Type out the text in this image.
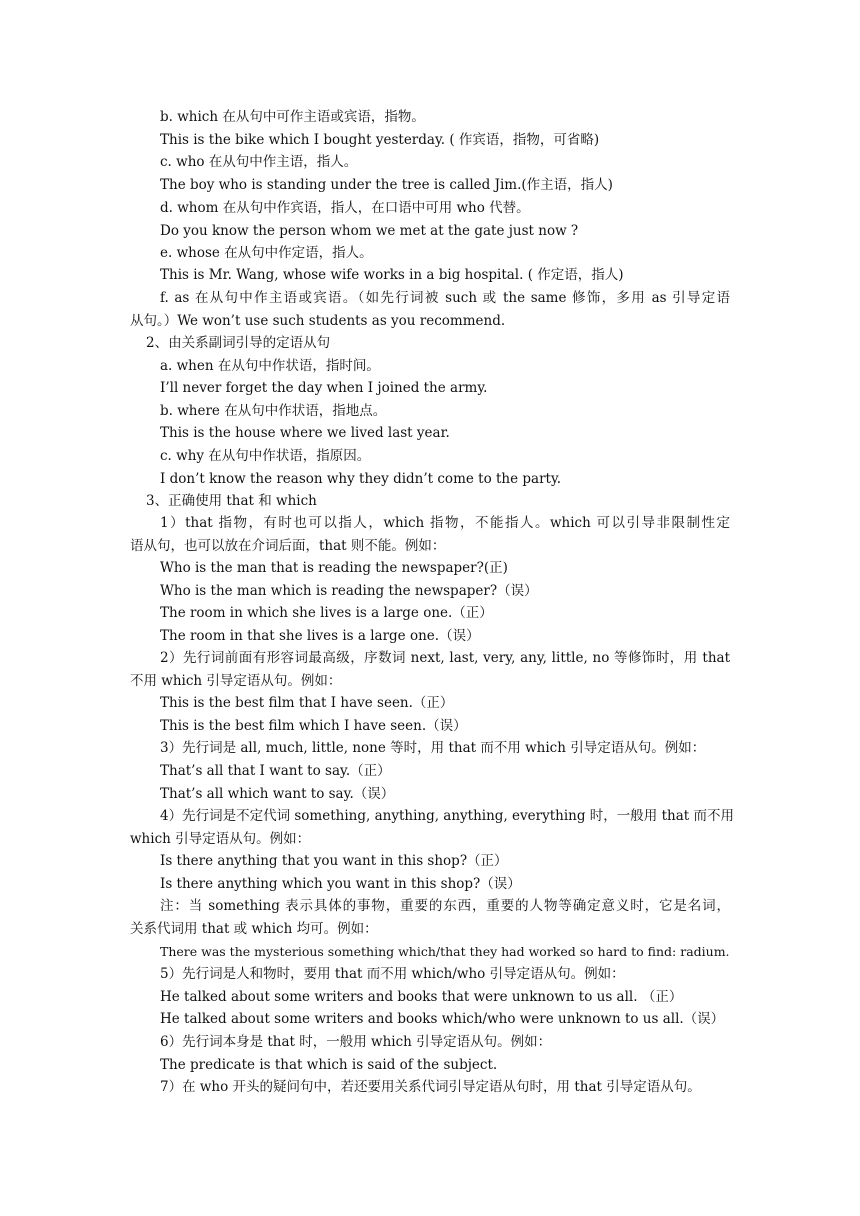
b. which 在从句中可作主语或宾语，指物。
This is the bike which I bought yesterday. ( 作宾语，指物，可省略)
c. who 在从句中作主语，指人。
The boy who is standing under the tree is called Jim.(作主语，指人)
d. whom 在从句中作宾语，指人，在口语中可用 who 代替。
Do you know the person whom we met at the gate just now ?
e. whose 在从句中作定语，指人。
This is Mr. Wang, whose wife works in a big hospital. ( 作定语，指人)
f. as 在从句中作主语或宾语。（如先行词被 such 或 the same 修饰，多用 as 引导定语
从句。）We won’t use such students as you recommend.
2、由关系副词引导的定语从句
a. when 在从句中作状语，指时间。
I’ll never forget the day when I joined the army.
b. where 在从句中作状语，指地点。
This is the house where we lived last year.
c. why 在从句中作状语，指原因。
I don’t know the reason why they didn’t come to the party.
3、正确使用 that 和 which
1）that 指物，有时也可以指人，which 指物，不能指人。which 可以引导非限制性定
语从句，也可以放在介词后面，that 则不能。例如：
Who is the man that is reading the newspaper?(正)
Who is the man which is reading the newspaper?（误）
The room in which she lives is a large one.（正）
The room in that she lives is a large one.（误）
2）先行词前面有形容词最高级，序数词 next, last, very, any, little, no 等修饰时，用 that
不用 which 引导定语从句。例如：
This is the best film that I have seen.（正）
This is the best film which I have seen.（误）
3）先行词是 all, much, little, none 等时，用 that 而不用 which 引导定语从句。例如：
That’s all that I want to say.（正）
That’s all which want to say.（误）
4）先行词是不定代词 something, anything, anything, everything 时，一般用 that 而不用
which 引导定语从句。例如：
Is there anything that you want in this shop?（正）
Is there anything which you want in this shop?（误）
注：当 something 表示具体的事物，重要的东西，重要的人物等确定意义时，它是名词，
关系代词用 that 或 which 均可。例如：
There was the mysterious something which/that they had worked so hard to find: radium.
5）先行词是人和物时，要用 that 而不用 which/who 引导定语从句。例如：
He talked about some writers and books that were unknown to us all. （正）
He talked about some writers and books which/who were unknown to us all.（误）
6）先行词本身是 that 时，一般用 which 引导定语从句。例如：
The predicate is that which is said of the subject.
7）在 who 开头的疑问句中，若还要用关系代词引导定语从句时，用 that 引导定语从句。
